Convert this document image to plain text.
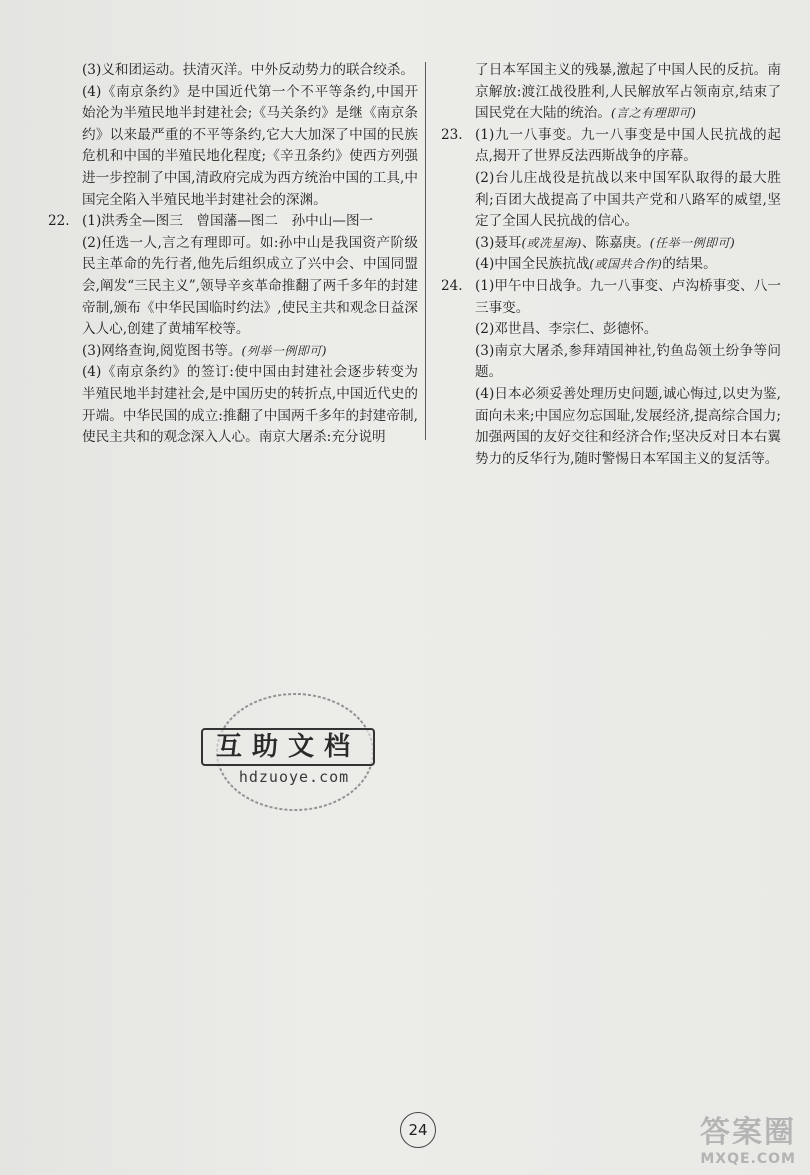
(3)义和团运动。扶清灭洋。中外反动势力的联合绞杀。

(4)《南京条约》是中国近代第一个不平等条约,中国开始沦为半殖民地半封建社会;《马关条约》是继《南京条约》以来最严重的不平等条约,它大大加深了中国的民族危机和中国的半殖民地化程度;《辛丑条约》使西方列强进一步控制了中国,清政府完成为西方统治中国的工具,中国完全陷入半殖民地半封建社会的深渊。

22. (1)洪秀全—图三　曾国藩—图二　孙中山—图一

(2)任选一人,言之有理即可。如:孙中山是我国资产阶级民主革命的先行者,他先后组织成立了兴中会、中国同盟会,阐发“三民主义”,领导辛亥革命推翻了两千多年的封建帝制,颁布《中华民国临时约法》,使民主共和观念日益深入人心,创建了黄埔军校等。

(3)网络查询,阅览图书等。(列举一例即可)

(4)《南京条约》的签订:使中国由封建社会逐步转变为半殖民地半封建社会,是中国历史的转折点,中国近代史的开端。中华民国的成立:推翻了中国两千多年的封建帝制,使民主共和的观念深入人心。南京大屠杀:充分说明

了日本军国主义的残暴,激起了中国人民的反抗。南京解放:渡江战役胜利,人民解放军占领南京,结束了国民党在大陆的统治。(言之有理即可)

23. (1)九一八事变。九一八事变是中国人民抗战的起点,揭开了世界反法西斯战争的序幕。

(2)台儿庄战役是抗战以来中国军队取得的最大胜利;百团大战提高了中国共产党和八路军的威望,坚定了全国人民抗战的信心。

(3)聂耳(或冼星海)、陈嘉庚。(任举一例即可)

(4)中国全民族抗战(或国共合作)的结果。

24. (1)甲午中日战争。九一八事变、卢沟桥事变、八一三事变。

(2)邓世昌、李宗仁、彭德怀。

(3)南京大屠杀,参拜靖国神社,钓鱼岛领土纷争等问题。

(4)日本必须妥善处理历史问题,诚心悔过,以史为鉴,面向未来;中国应勿忘国耻,发展经济,提高综合国力;加强两国的友好交往和经济合作;坚决反对日本右翼势力的反华行为,随时警惕日本军国主义的复活等。

互助文档
hdzuoye.com
24	答案圈
MXQE.COM
